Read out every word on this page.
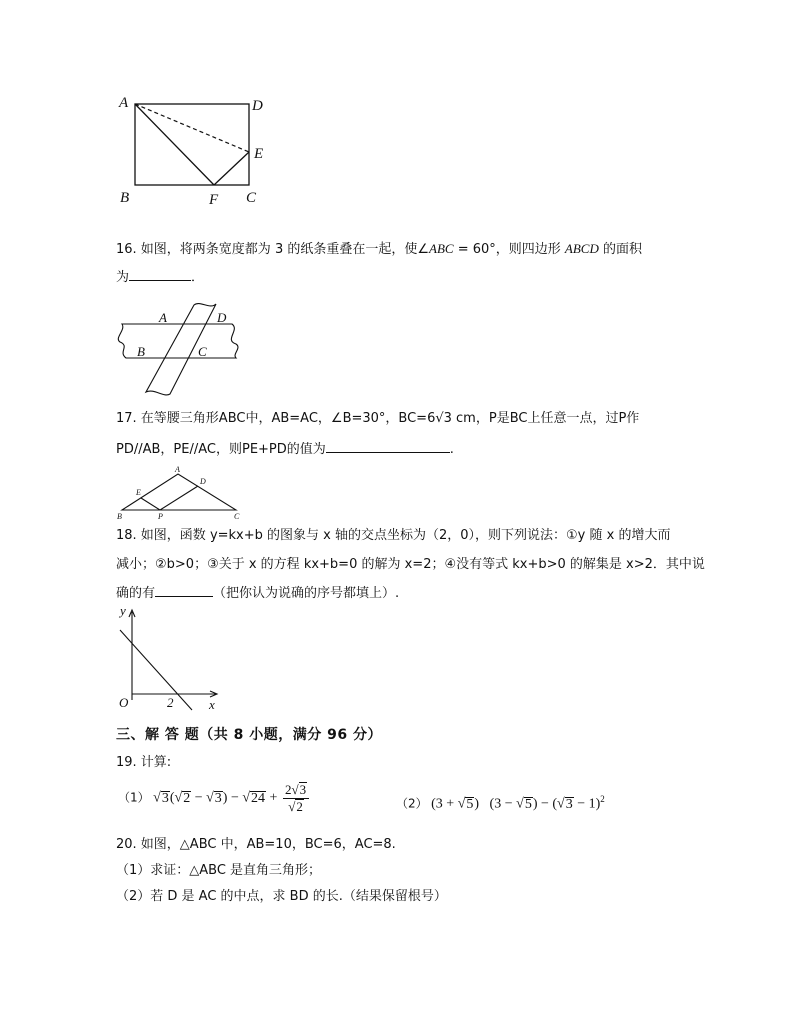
A	D
E
B	F C
16. 如图，将两条宽度都为 3 的纸条重叠在一起，使∠ABC = 60°，则四边形 ABCD 的面积
为	．
A	D
B	C
17. 在等腰三角形ABC中，AB=AC，∠B=30°，BC=6√3 cm，P是BC上任意一点，过P作
PD//AB，PE//AC，则PE+PD的值为	.
A
E
D
B	P	C
18. 如图，函数 y=kx+b 的图象与 x 轴的交点坐标为（2，0），则下列说法：①y 随 x 的增大而
减小；②b>0；③关于 x 的方程 kx+b=0 的解为 x=2；④没有等式 kx+b>0 的解集是 x>2．其中说
确的有	（把你认为说确的序号都填上）.
y
x
O	2
三、解 答 题（共 8 小题，满分 96 分）
19. 计算:
（1） $√3(√2 - √3) - √24 + \frac{2√3}{√2}$	（2） (3 + √5)   $(3 - √5) - (√3 - 1)^2$
20. 如图，△ABC 中，AB=10，BC=6，AC=8.
（1）求证：△ABC 是直角三角形；
（2）若 D 是 AC 的中点，求 BD 的长.（结果保留根号）
